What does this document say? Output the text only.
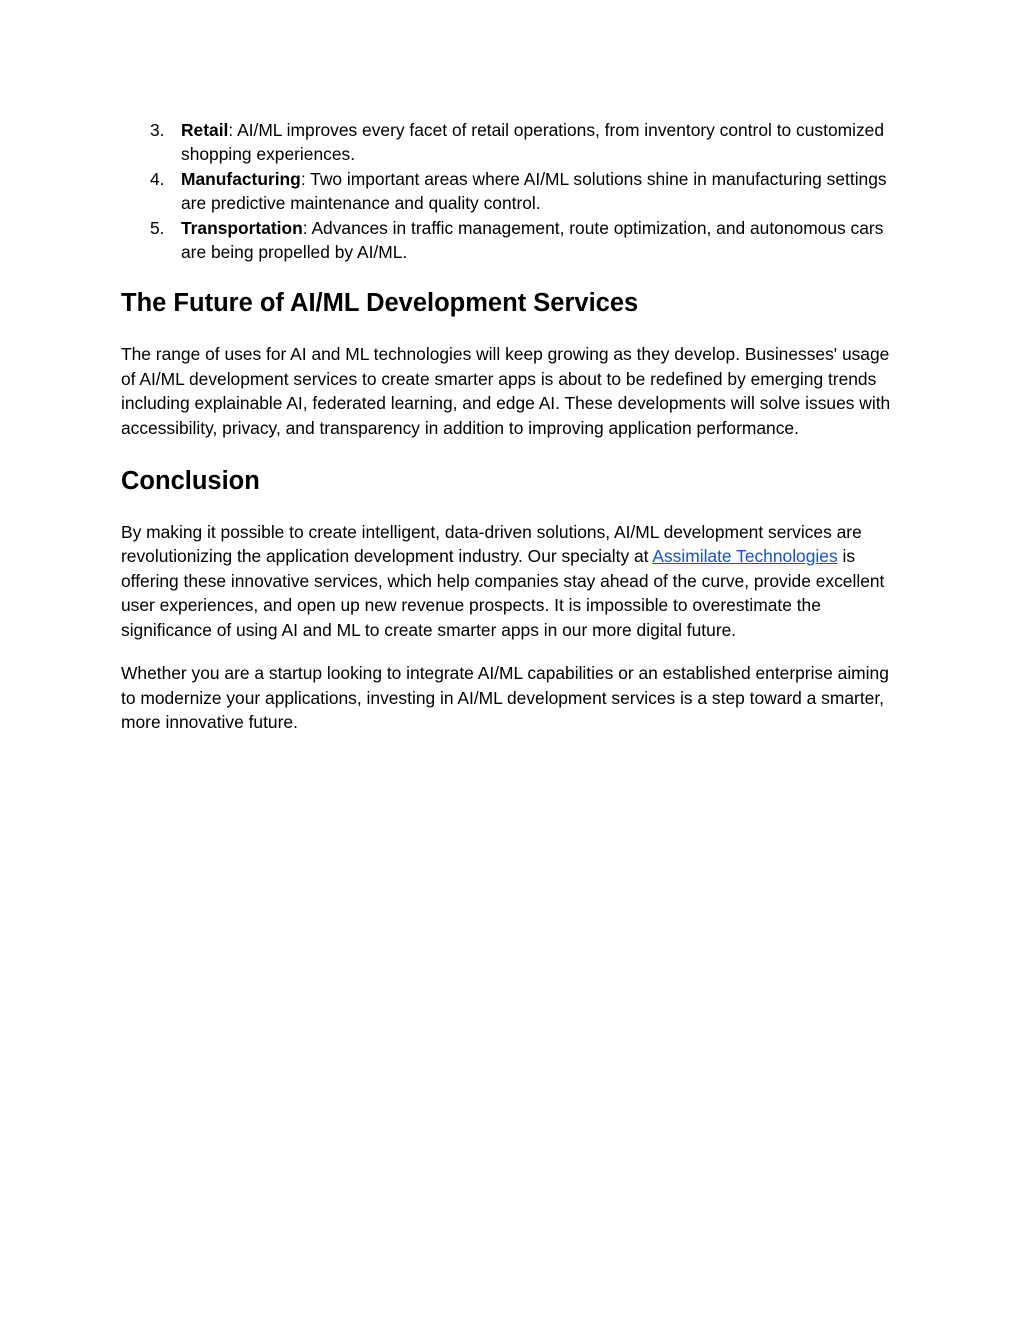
3. Retail: AI/ML improves every facet of retail operations, from inventory control to customized shopping experiences.
4. Manufacturing: Two important areas where AI/ML solutions shine in manufacturing settings are predictive maintenance and quality control.
5. Transportation: Advances in traffic management, route optimization, and autonomous cars are being propelled by AI/ML.
The Future of AI/ML Development Services

The range of uses for AI and ML technologies will keep growing as they develop. Businesses' usage of AI/ML development services to create smarter apps is about to be redefined by emerging trends including explainable AI, federated learning, and edge AI. These developments will solve issues with accessibility, privacy, and transparency in addition to improving application performance.

Conclusion

By making it possible to create intelligent, data-driven solutions, AI/ML development services are revolutionizing the application development industry. Our specialty at Assimilate Technologies is offering these innovative services, which help companies stay ahead of the curve, provide excellent user experiences, and open up new revenue prospects. It is impossible to overestimate the significance of using AI and ML to create smarter apps in our more digital future.

Whether you are a startup looking to integrate AI/ML capabilities or an established enterprise aiming to modernize your applications, investing in AI/ML development services is a step toward a smarter, more innovative future.
